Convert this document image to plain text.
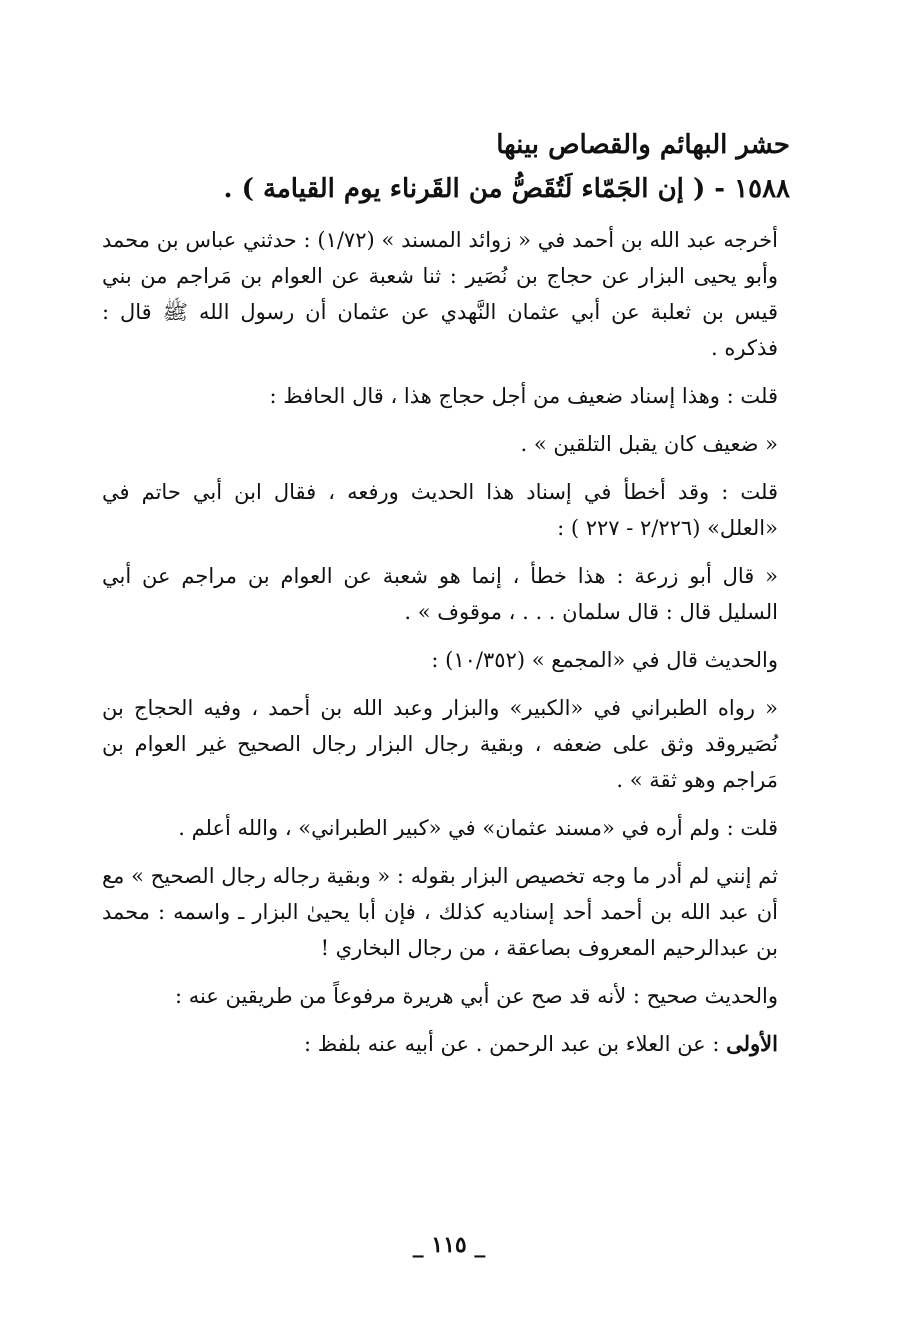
حشر البهائم والقصاص بينها

١٥٨٨ - ( إن الجَمّاء لَتُقَصُّ من القَرناء يوم القيامة ) .

أخرجه عبد الله بن أحمد في « زوائد المسند » (١/٧٢) : حدثني عباس بن محمد وأبو يحيى البزار عن حجاج بن نُصَير : ثنا شعبة عن العوام بن مَراجم من بني قيس بن ثعلبة عن أبي عثمان النَّهدي عن عثمان أن رسول الله ﷺ قال : فذكره .

قلت : وهذا إسناد ضعيف من أجل حجاج هذا ، قال الحافظ :

« ضعيف كان يقبل التلقين » .

قلت : وقد أخطأ في إسناد هذا الحديث ورفعه ، فقال ابن أبي حاتم في «العلل» (٢/٢٢٦ - ٢٢٧ ) :

« قال أبو زرعة : هذا خطأ ، إنما هو شعبة عن العوام بن مراجم عن أبي السليل قال : قال سلمان . . . ، موقوف » .

والحديث قال في «المجمع » (١٠/٣٥٢) :

« رواه الطبراني في «الكبير» والبزار وعبد الله بن أحمد ، وفيه الحجاج بن نُصَيروقد وثق على ضعفه ، وبقية رجال البزار رجال الصحيح غير العوام بن مَراجم وهو ثقة » .

قلت : ولم أره في «مسند عثمان» في «كبير الطبراني» ، والله أعلم .

ثم إنني لم أدر ما وجه تخصيص البزار بقوله : « وبقية رجاله رجال الصحيح » مع أن عبد الله بن أحمد أحد إسناديه كذلك ، فإن أبا يحيىٰ البزار ـ واسمه : محمد بن عبدالرحيم المعروف بصاعقة ، من رجال البخاري !

والحديث صحيح : لأنه قد صح عن أبي هريرة مرفوعاً من طريقين عنه :

الأولى : عن العلاء بن عبد الرحمن . عن أبيه عنه بلفظ :

_ ١١٥ _
